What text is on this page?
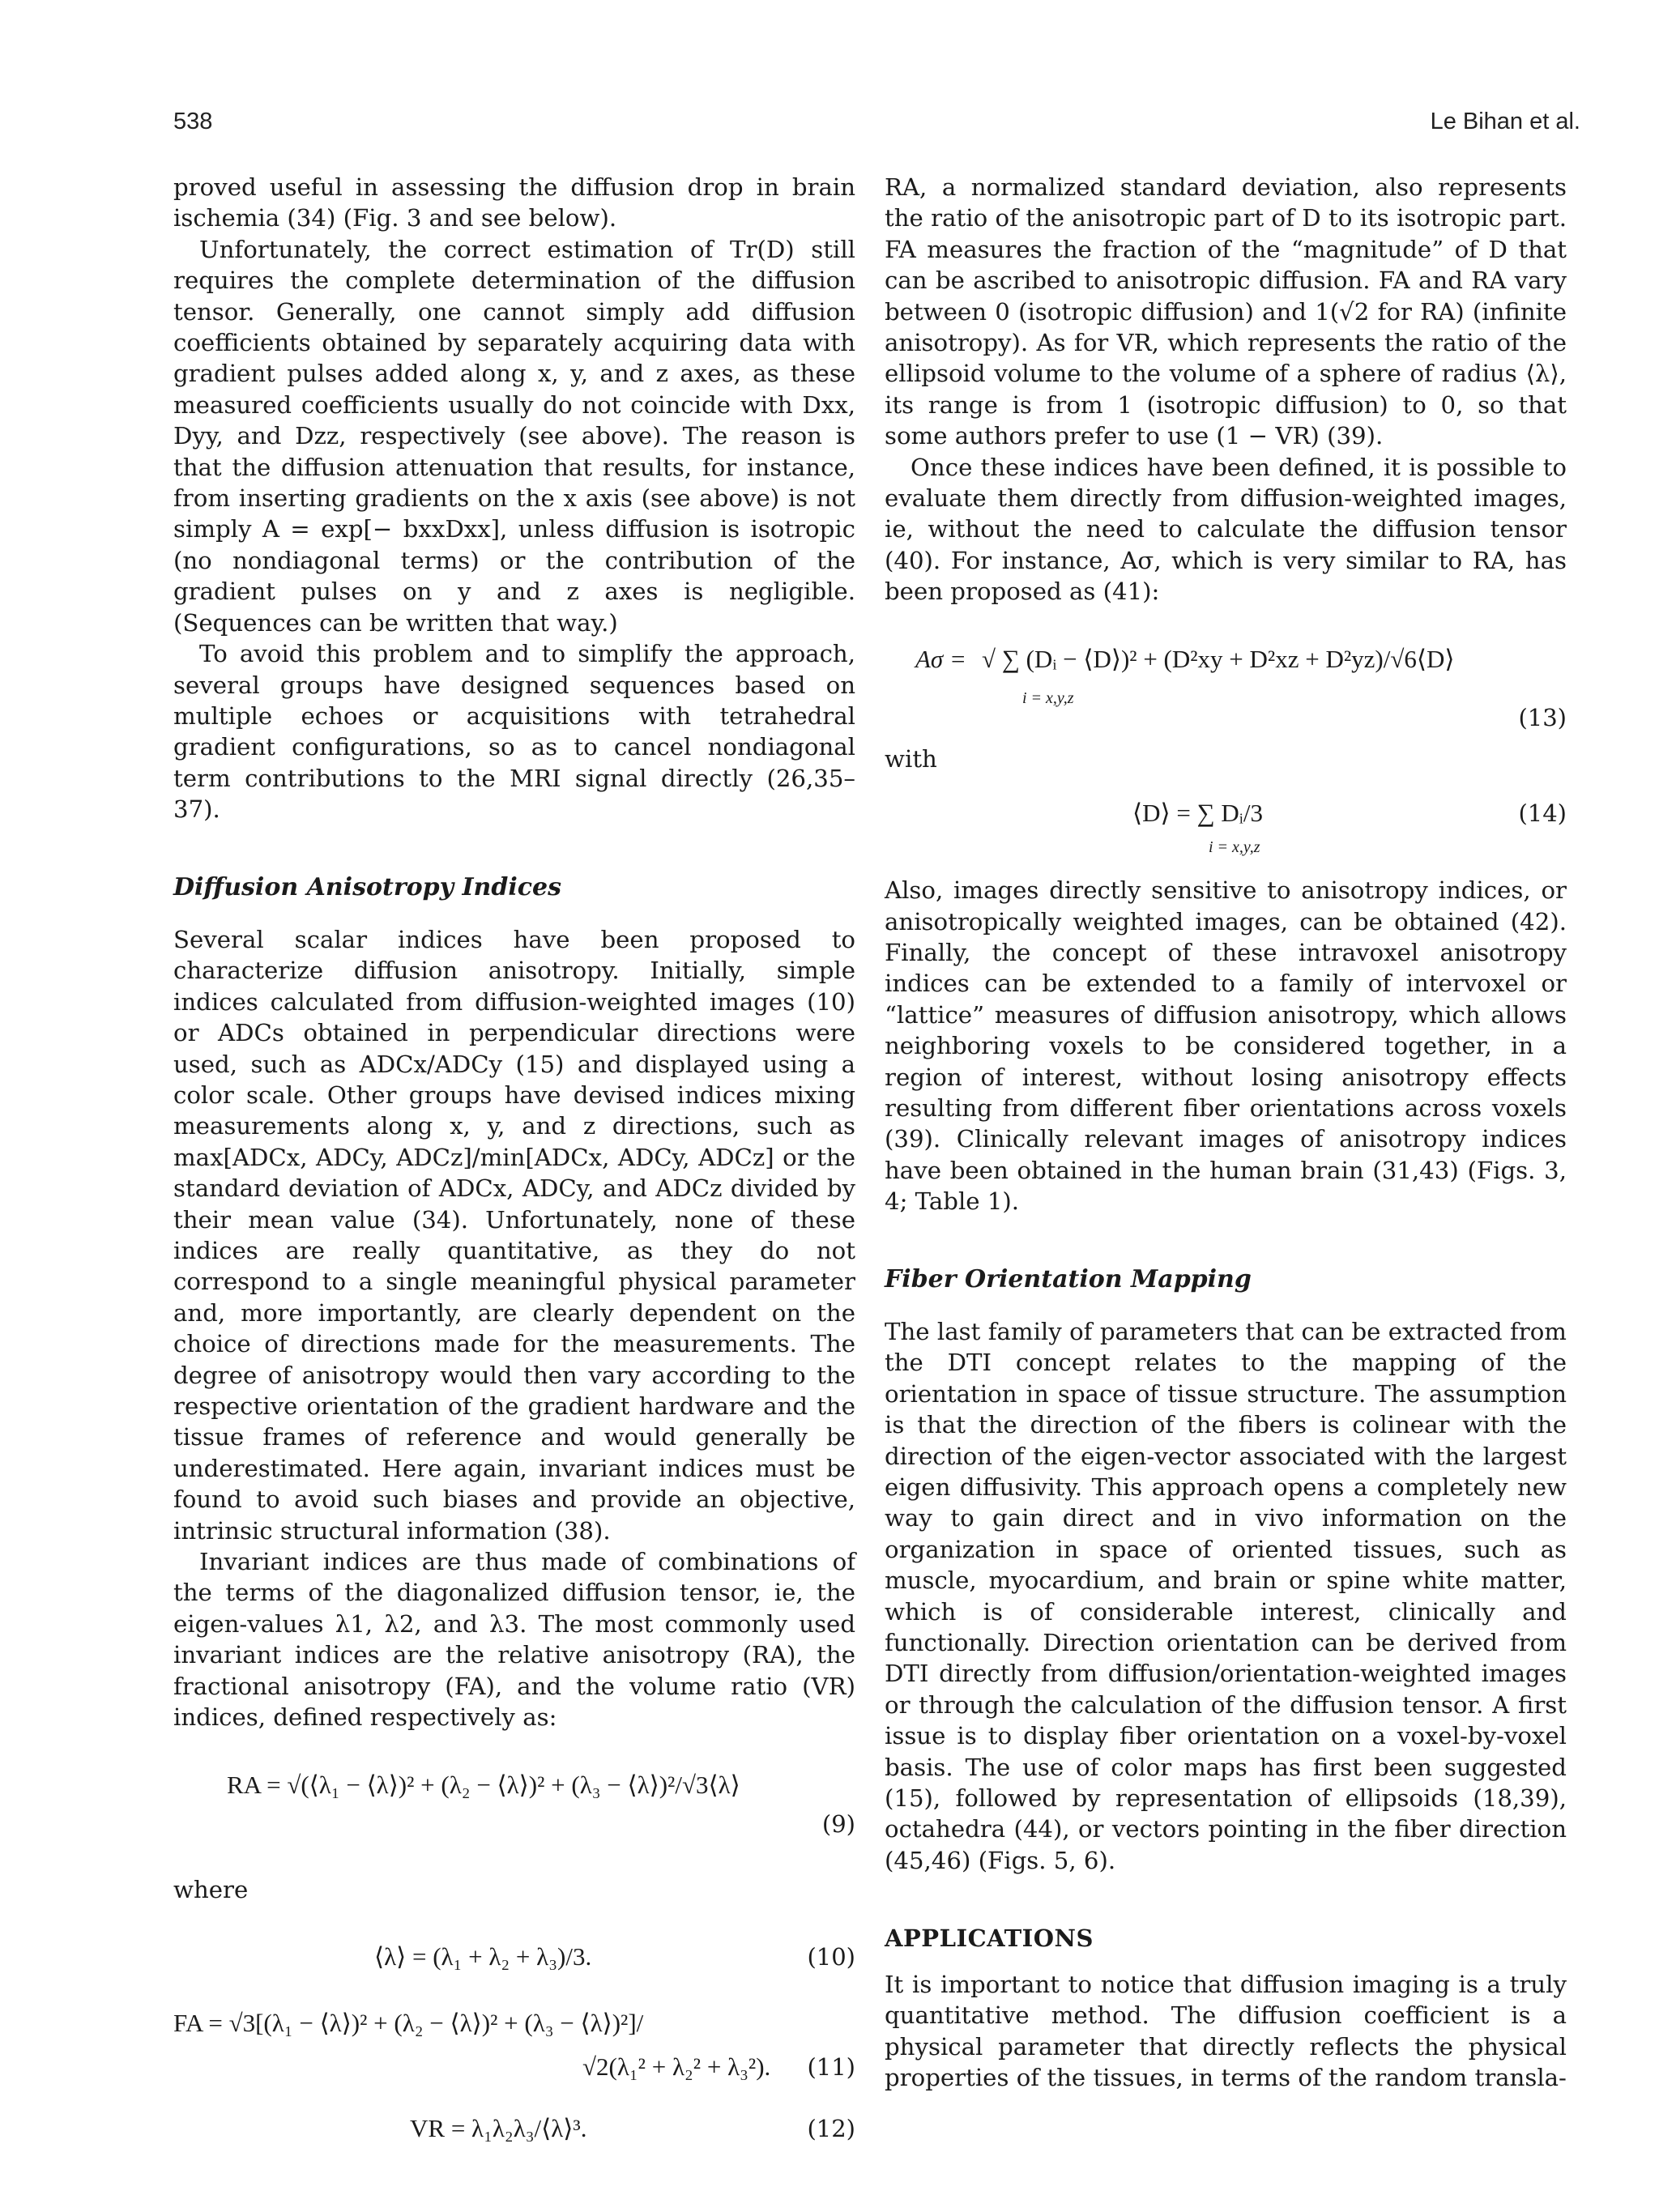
538	Le Bihan et al.

proved useful in assessing the diffusion drop in brain ischemia (34) (Fig. 3 and see below).

Unfortunately, the correct estimation of Tr(D) still requires the complete determination of the diffusion tensor. Generally, one cannot simply add diffusion coefficients obtained by separately acquiring data with gradient pulses added along x, y, and z axes, as these measured coefficients usually do not coincide with Dxx, Dyy, and Dzz, respectively (see above). The reason is that the diffusion attenuation that results, for instance, from inserting gradients on the x axis (see above) is not simply A = exp[− bxxDxx], unless diffusion is isotropic (no nondiagonal terms) or the contribution of the gradient pulses on y and z axes is negligible. (Sequences can be written that way.)

To avoid this problem and to simplify the approach, several groups have designed sequences based on multiple echoes or acquisitions with tetrahedral gradient configurations, so as to cancel nondiagonal term contributions to the MRI signal directly (26,35–37).

Diffusion Anisotropy Indices

Several scalar indices have been proposed to characterize diffusion anisotropy. Initially, simple indices calculated from diffusion-weighted images (10) or ADCs obtained in perpendicular directions were used, such as ADCx/ADCy (15) and displayed using a color scale. Other groups have devised indices mixing measurements along x, y, and z directions, such as max[ADCx, ADCy, ADCz]/min[ADCx, ADCy, ADCz] or the standard deviation of ADCx, ADCy, and ADCz divided by their mean value (34). Unfortunately, none of these indices are really quantitative, as they do not correspond to a single meaningful physical parameter and, more importantly, are clearly dependent on the choice of directions made for the measurements. The degree of anisotropy would then vary according to the respective orientation of the gradient hardware and the tissue frames of reference and would generally be underestimated. Here again, invariant indices must be found to avoid such biases and provide an objective, intrinsic structural information (38).

Invariant indices are thus made of combinations of the terms of the diagonalized diffusion tensor, ie, the eigen-values λ1, λ2, and λ3. The most commonly used invariant indices are the relative anisotropy (RA), the fractional anisotropy (FA), and the volume ratio (VR) indices, defined respectively as:

RA = √(⟨λ₁ − ⟨λ⟩)² + (λ₂ − ⟨λ⟩)² + (λ₃ − ⟨λ⟩)²/√3⟨λ⟩
(9)
where
⟨λ⟩ = (λ₁ + λ₂ + λ₃)/3.	(10)
FA = √3[(λ₁ − ⟨λ⟩)² + (λ₂ − ⟨λ⟩)² + (λ₃ − ⟨λ⟩)²]/
√2(λ₁² + λ₂² + λ₃²). (11)
VR = λ₁λ₂λ₃/⟨λ⟩³.	(12)

RA, a normalized standard deviation, also represents the ratio of the anisotropic part of D to its isotropic part. FA measures the fraction of the “magnitude” of D that can be ascribed to anisotropic diffusion. FA and RA vary between 0 (isotropic diffusion) and 1(√2 for RA) (infinite anisotropy). As for VR, which represents the ratio of the ellipsoid volume to the volume of a sphere of radius ⟨λ⟩, its range is from 1 (isotropic diffusion) to 0, so that some authors prefer to use (1 − VR) (39).

Once these indices have been defined, it is possible to evaluate them directly from diffusion-weighted images, ie, without the need to calculate the diffusion tensor (40). For instance, Aσ, which is very similar to RA, has been proposed as (41):

Aσ = √ ∑ (Dᵢ − ⟨D⟩)² + (D²xy + D²xz + D²yz)/√6⟨D⟩
i = x,y,z
(13)
with
⟨D⟩ = ∑ Dᵢ/3
i = x,y,z
(14)

Also, images directly sensitive to anisotropy indices, or anisotropically weighted images, can be obtained (42). Finally, the concept of these intravoxel anisotropy indices can be extended to a family of intervoxel or “lattice” measures of diffusion anisotropy, which allows neighboring voxels to be considered together, in a region of interest, without losing anisotropy effects resulting from different fiber orientations across voxels (39). Clinically relevant images of anisotropy indices have been obtained in the human brain (31,43) (Figs. 3, 4; Table 1).

Fiber Orientation Mapping

The last family of parameters that can be extracted from the DTI concept relates to the mapping of the orientation in space of tissue structure. The assumption is that the direction of the fibers is colinear with the direction of the eigen-vector associated with the largest eigen diffusivity. This approach opens a completely new way to gain direct and in vivo information on the organization in space of oriented tissues, such as muscle, myocardium, and brain or spine white matter, which is of considerable interest, clinically and functionally. Direction orientation can be derived from DTI directly from diffusion/orientation-weighted images or through the calculation of the diffusion tensor. A first issue is to display fiber orientation on a voxel-by-voxel basis. The use of color maps has first been suggested (15), followed by representation of ellipsoids (18,39), octahedra (44), or vectors pointing in the fiber direction (45,46) (Figs. 5, 6).

APPLICATIONS

It is important to notice that diffusion imaging is a truly quantitative method. The diffusion coefficient is a physical parameter that directly reflects the physical properties of the tissues, in terms of the random transla-
